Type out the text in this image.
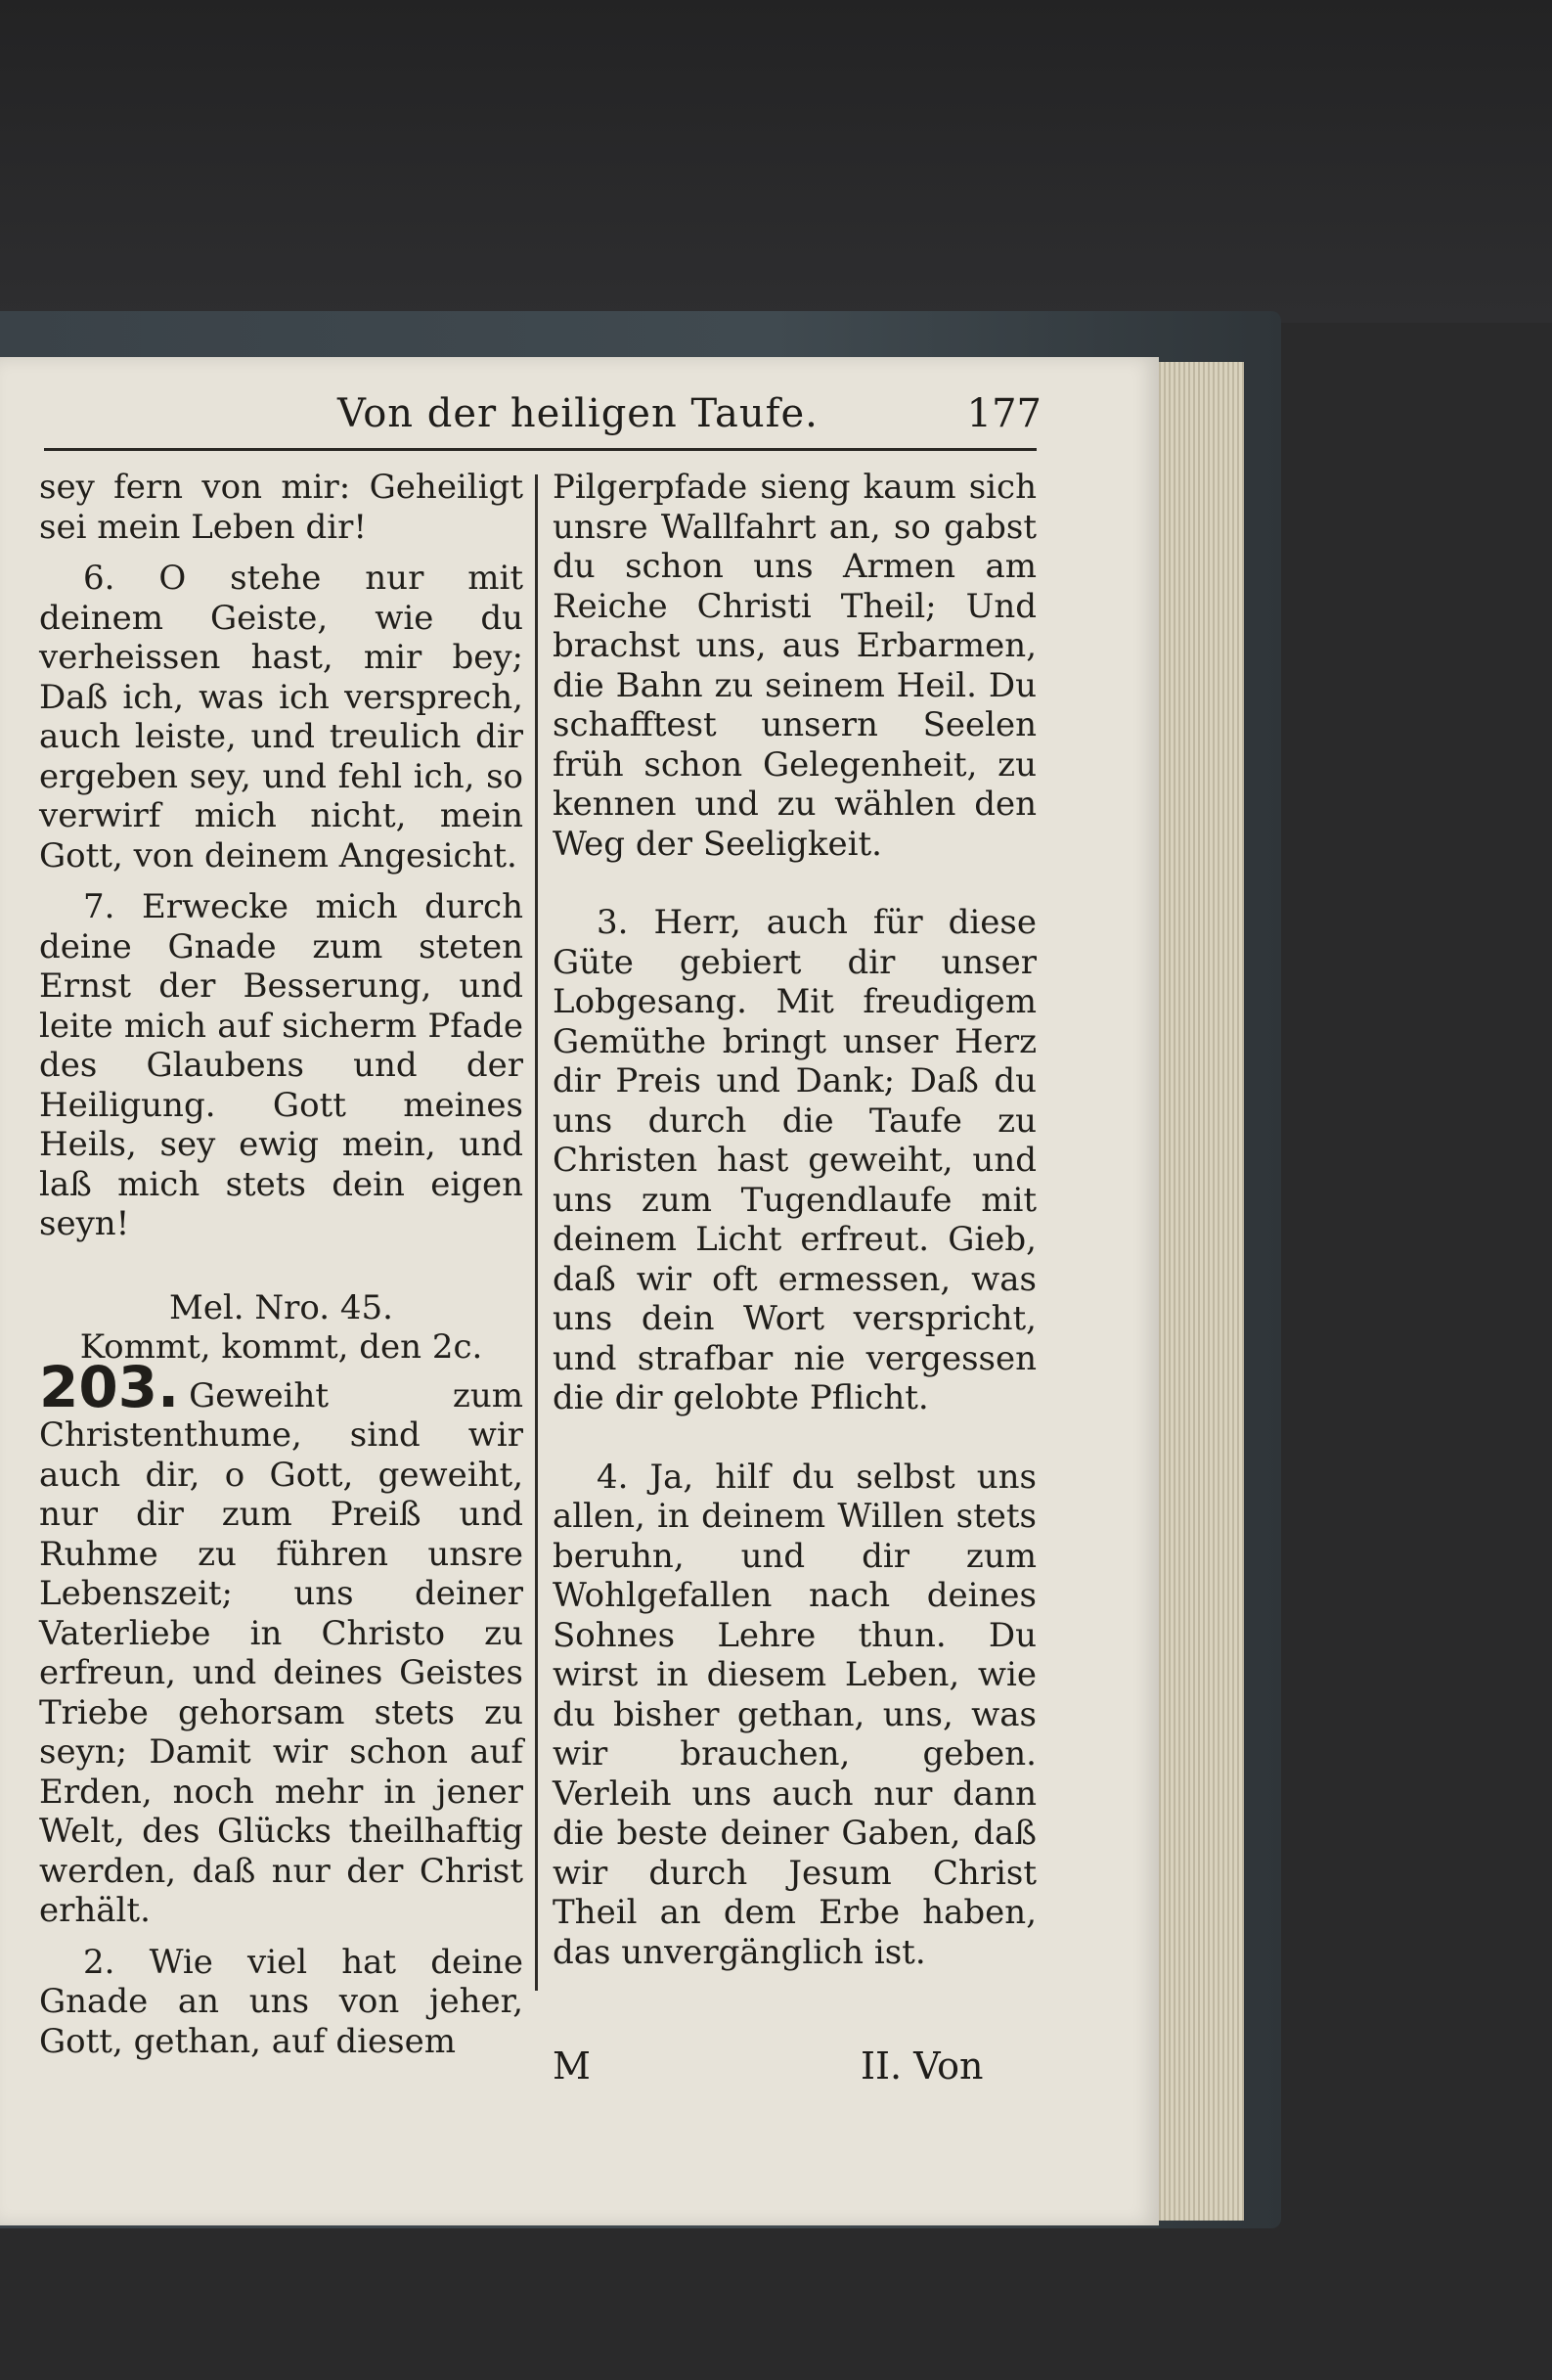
Von der heiligen Taufe.	177

sey fern von mir: Geheiligt sei mein Leben dir!

6. O stehe nur mit deinem Geiste, wie du verheissen hast, mir bey; Daß ich, was ich versprech, auch leiste, und treulich dir ergeben sey, und fehl ich, so verwirf mich nicht, mein Gott, von deinem Angesicht.

7. Erwecke mich durch deine Gnade zum steten Ernst der Besserung, und leite mich auf sicherm Pfade des Glaubens und der Heiligung. Gott meines Heils, sey ewig mein, und laß mich stets dein eigen seyn!

Mel. Nro. 45.

Kommt, kommt, den 2c.

203. Geweiht zum Christenthume, sind wir auch dir, o Gott, geweiht, nur dir zum Preiß und Ruhme zu führen unsre Lebenszeit; uns deiner Vaterliebe in Christo zu erfreun, und deines Geistes Triebe gehorsam stets zu seyn; Damit wir schon auf Erden, noch mehr in jener Welt, des Glücks theilhaftig werden, daß nur der Christ erhält.

2. Wie viel hat deine Gnade an uns von jeher, Gott, gethan, auf diesem

Pilgerpfade sieng kaum sich unsre Wallfahrt an, so gabst du schon uns Armen am Reiche Christi Theil; Und brachst uns, aus Erbarmen, die Bahn zu seinem Heil. Du schafftest unsern Seelen früh schon Gelegenheit, zu kennen und zu wählen den Weg der Seeligkeit.

3. Herr, auch für diese Güte gebiert dir unser Lobgesang. Mit freudigem Gemüthe bringt unser Herz dir Preis und Dank; Daß du uns durch die Taufe zu Christen hast geweiht, und uns zum Tugendlaufe mit deinem Licht erfreut. Gieb, daß wir oft ermessen, was uns dein Wort verspricht, und strafbar nie vergessen die dir gelobte Pflicht.

4. Ja, hilf du selbst uns allen, in deinem Willen stets beruhn, und dir zum Wohlgefallen nach deines Sohnes Lehre thun. Du wirst in diesem Leben, wie du bisher gethan, uns, was wir brauchen, geben. Verleih uns auch nur dann die beste deiner Gaben, daß wir durch Jesum Christ Theil an dem Erbe haben, das unvergänglich ist.

M	II. Von
